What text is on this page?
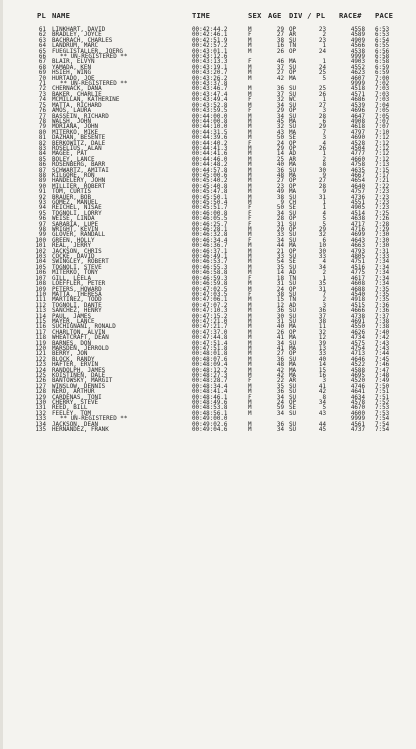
PL NAME	TIME	SEX AGE DIV / PL	RACE#	PACE
61 LINKHART, DAVID	00:42:44.2	M	29 OP	23	4558 6:53
62 BRADLEY, JOYCE	00:42:46.1	F	27 AR	2	4589 6:53
63 BACHRACH, CHARLES	00:42:51.9	M	38 SU	23	4909 6:54
64 LANDRUM, MARC	00:42:57.2	M	16 TN	1	4566 6:55
65 FUEGLISTALLER, JOERG	00:43:01.1	M	26 OP	24	4538 6:56
66 ** UN-REGISTERED **	00:43:12.6	9999 6:58
67 BLAIR, ELVYN	00:43:13.3	F	46 MA	1	4903 6:58
68 YAMADA, KEN	00:43:19.1	M	37 SU	24	4552 6:59
69 HSIEH, WING	00:43:20.7	M	27 OP	25	4623 6:59
70 HURTADO, JOE	00:43:26.2	M	42 MA	5	4607 7:00
71 ** UN-REGISTERED **	00:43:37.8	9999 7:02
72 CHERNACK, DANA	00:43:46.7	M	36 SU	25	4518 7:03
73 BAKER, CHARLIE	00:43:47.4	M	37 SU	26	4571 7:03
74 MCMILLAN, KATHERINE	00:43:49.4	F	32 WC	1	4686 7:03
75 MATTA, RICHARD	00:43:52.8	M	34 SU	27	4539 7:04
76 AMOS, LAURA	00:43:59.5	F	29 OP	3	4696 7:05
77 BASSEIN, RICHARD	00:44:00.0	M	34 SU	28	4647 7:05
78 WALSH, JOHN	00:44:00.8	M	45 MA	6	4908 7:07
79 MORIANA, JOHN	00:44:10.0	M	32 SU	29	4618 7:07
80 MITERKO, MIKE	00:44:31.5	M	43 MA	7	4797 7:10
81 DAZHAN, BESENTE	00:44:39.6	M	50 SE	3	4690 7:12
82 BERKOWITZ, DALE	00:44:40.2	F	24 OP	4	4528 7:12
83 ROSELIUS, ALAN	00:44:41.3	M	29 OP	26	4504 7:12
84 MAGEE, PAT	00:44:41.6	M	14 AD	1	4777 7:12
85 BOLEY, LANCE	00:44:46.0	M	25 AR	2	4660 7:12
86 ROSENBERG, BARR	00:44:48.2	M	40 MA	8	4758 7:13
87 SCHWARTZ, AMITAI	00:44:57.8	M	36 SU	30	4635 7:15
88 KILGORE, RON	00:45:00.6	M	48 MA	9	4667 7:17
89 HANDELERY, JOHN	00:45:40.2	M	27 OP	27	4654 7:21
90 MILLIER, ROBERT	00:45:40.8	M	23 OP	28	4640 7:22
91 TOM, CURTIS	00:45:47.8	M	49 MA	9	4757 7:23
92 BRAUER, BOB	00:45:50.1	M	38 SU	31	4736 7:23
93 GOMEZ, MANUEL	00:45:50.4	M	9 CH	1	4551 7:23
94 REICHEL, NISAE	00:45:51.7	F	50 SE	1	4905 7:23
95 TOGNOLI, LORRY	00:46:00.8	F	34 SU	4	4514 7:25
96 WEISE, LINDA	00:46:05.5	F	28 OP	5	4638 7:26
97 SARABIA, LUPE	00:46:25.7	F	31 SU	5	4717 7:28
98 WRIGHT, KEVIN	00:46:28.1	M	20 OP	29	4716 7:29
99 GLOVER, RANDALL	00:46:32.8	M	33 SU	32	4699 7:30
100 GREEN, HOLLY	00:46:34.4	F	34 SU	6	4643 7:30
101 REAL, JERRY	00:46:36.7	M	44 MA	10	4663 7:30
102 JACKSON, CHRIS	00:46:37.1	M	21 OP	30	4793 7:31
103 COCKE, DAVID	00:46:49.1	M	33 SU	33	4805 7:33
104 SWINGLEY, ROBERT	00:46:53.7	M	54 SE	4	4751 7:34
105 TOGNOLI, STEVE	00:46:55.3	M	35 SU	34	4516 7:34
106 MITERKO, TONY	00:46:58.8	M	14 AD	2	4775 7:34
107 GILL, LEELA	00:46:59.3	F	18 TN	1	4617 7:34
108 LOEFFLER, PETER	00:46:59.8	M	31 SU	35	4608 7:34
109 PETERS, HOWARD	00:47:02.5	M	24 OP	31	4688 7:35
110 MATTA, THERESA	00:47:03.5	F	38 SU	7	4540 7:35
111 MARTINEZ, TODD	00:47:06.1	M	15 TN	2	4918 7:35
112 TOGNOLI, DANTE	00:47:07.2	M	12 AD	3	4515 7:36
113 SANCHEZ, HENRY	00:47:10.3	M	36 SU	36	4666 7:36
114 PAUL, JAMES	00:47:15.2	M	30 SU	37	4738 7:37
115 MAYER, LANCE	00:47:21.0	M	31 SU	38	4691 7:38
116 SUCHIGNANI, RONALD	00:47:21.7	M	40 MA	11	4550 7:38
117 CHARLTON, ALVIN	00:47:37.0	M	26 OP	32	4626 7:40
118 WHEATCRAFT, DEAN	00:47:44.8	M	41 MA	12	4734 7:42
119 BARNES, DON	00:47:51.4	M	34 SU	39	4575 7:43
120 MARSDEN, JERROLD	00:47:51.8	M	41 MA	13	4754 7:43
121 BERRY, JON	00:48:01.8	M	27 OP	33	4713 7:44
122 BLOCK, RANDY	00:48:07.6	M	36 SU	40	4646 7:45
123 HAFTER, ERVIN	00:48:09.4	M	48 MA	14	4522 7:46
124 RANDOLPH, JAMES	00:48:12.2	M	42 MA	15	4588 7:47
125 KOISTINEN, DALE	00:48:27.3	M	42 MA	16	4695 7:48
126 BANTOWSKY, MARGIT	00:48:28.7	F	22 AR	3	4520 7:49
127 WINSLOW, DENNIS	00:48:34.4	M	35 SU	41	4746 7:50
128 NERO, ARTHUR	00:48:41.4	M	36 SU	42	4641 7:51
129 CARDENAS, TONI	00:48:46.1	F	34 SU	8	4634 7:51
130 CHERRY, STEVE	00:48:49.6	M	24 OP	34	4578 7:52
131 REED, BILL	00:48:53.8	M	59 SE	5	4670 7:53
132 FEELEY, TOM	00:48:56.1	M	34 SU	43	4600 7:53
133 ** UN-REGISTERED **	00:49:00.0	9999 7:54
134 JACKSON, DEAN	00:49:02.6	M	36 SU	44	4561 7:54
135 HERNANDEZ, FRANK	00:49:04.6	M	34 SU	45	4737 7:54
